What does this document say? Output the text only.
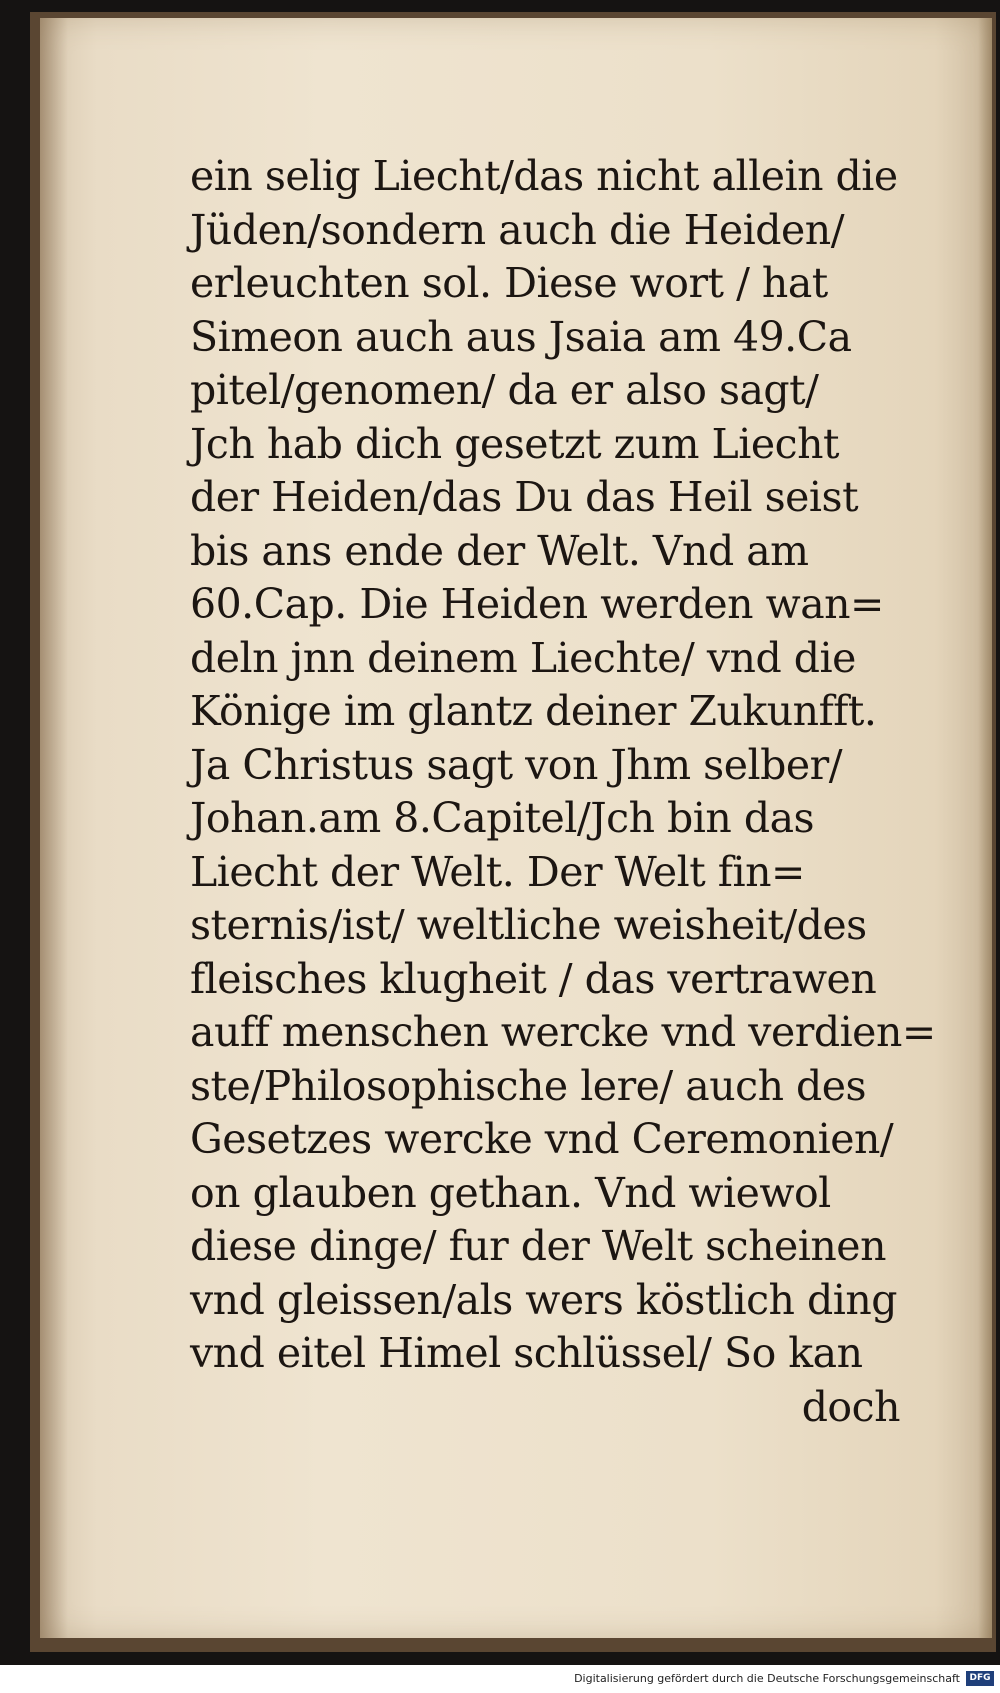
ein selig Liecht/das nicht allein die
Jüden/sondern auch die Heiden/
erleuchten sol. Diese wort / hat
Simeon auch aus Jsaia am 49.Ca
pitel/genomen/ da er also sagt/
Jch hab dich gesetzt zum Liecht
der Heiden/das Du das Heil seist
bis ans ende der Welt. Vnd am
60.Cap. Die Heiden werden wan=
deln jnn deinem Liechte/ vnd die
Könige im glantz deiner Zukunfft.
Ja Christus sagt von Jhm selber/
Johan.am 8.Capitel/Jch bin das
Liecht der Welt. Der Welt fin=
sternis/ist/ weltliche weisheit/des
fleisches klugheit / das vertrawen
auff menschen wercke vnd verdien=
ste/Philosophische lere/ auch des
Gesetzes wercke vnd Ceremonien/
on glauben gethan. Vnd wiewol
diese dinge/ fur der Welt scheinen
vnd gleissen/als wers köstlich ding
vnd eitel Himel schlüssel/ So kan
doch
Digitalisierung gefördert durch die Deutsche Forschungsgemeinschaft	DFG
